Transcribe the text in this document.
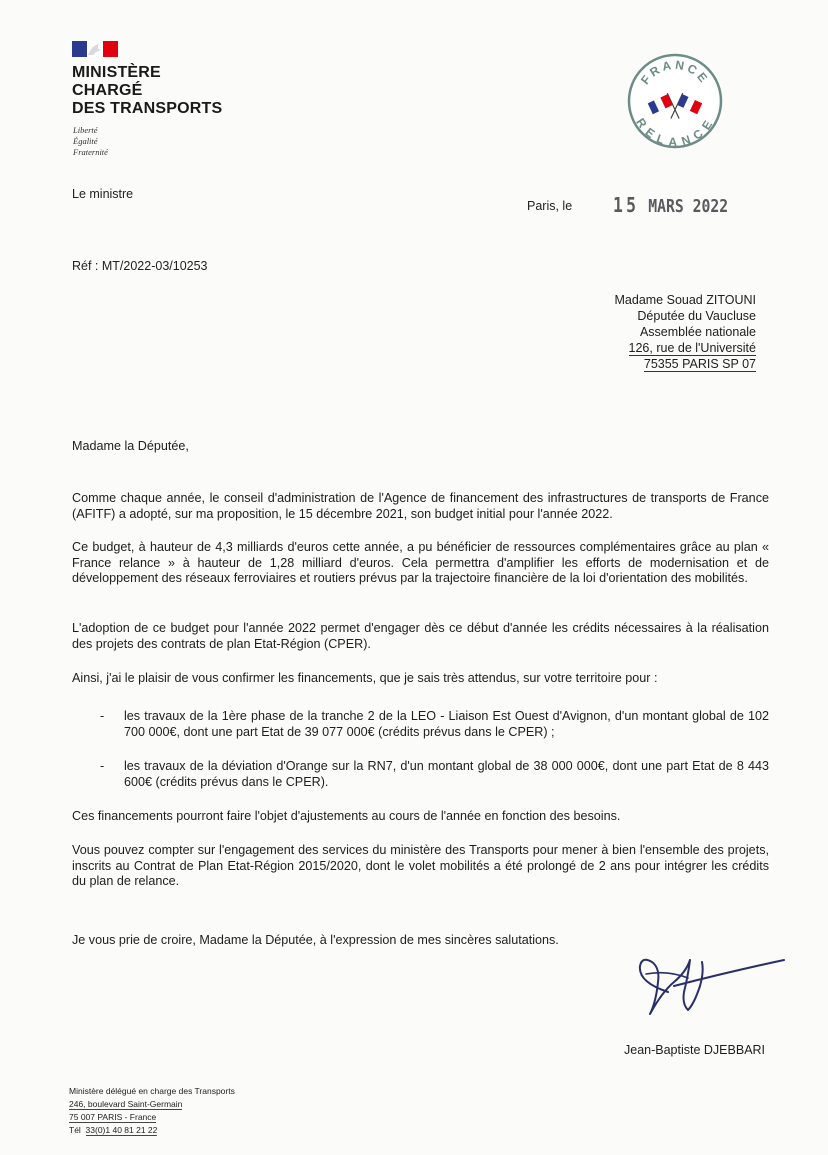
MINISTÈRE
CHARGÉ
DES TRANSPORTS
Liberté
Égalité
Fraternité
FRANCE
RELANCE
Le ministre
Paris, le 15 MARS 2022
Réf : MT/2022-03/10253
Madame Souad ZITOUNI
Députée du Vaucluse
Assemblée nationale
126, rue de l'Université
75355 PARIS SP 07
Madame la Députée,
Comme chaque année, le conseil d'administration de l'Agence de financement des infrastructures de transports de France (AFITF) a adopté, sur ma proposition, le 15 décembre 2021, son budget initial pour l'année 2022.
Ce budget, à hauteur de 4,3 milliards d'euros cette année, a pu bénéficier de ressources complémentaires grâce au plan « France relance » à hauteur de 1,28 milliard d'euros. Cela permettra d'amplifier les efforts de modernisation et de développement des réseaux ferroviaires et routiers prévus par la trajectoire financière de la loi d'orientation des mobilités.
L'adoption de ce budget pour l'année 2022 permet d'engager dès ce début d'année les crédits nécessaires à la réalisation des projets des contrats de plan Etat-Région (CPER).
Ainsi, j'ai le plaisir de vous confirmer les financements, que je sais très attendus, sur votre territoire pour :
- les travaux de la 1ère phase de la tranche 2 de la LEO - Liaison Est Ouest d'Avignon, d'un montant global de 102 700 000€, dont une part Etat de 39 077 000€ (crédits prévus dans le CPER) ;
- les travaux de la déviation d'Orange sur la RN7, d'un montant global de 38 000 000€, dont une part Etat de 8 443 600€ (crédits prévus dans le CPER).
Ces financements pourront faire l'objet d'ajustements au cours de l'année en fonction des besoins.
Vous pouvez compter sur l'engagement des services du ministère des Transports pour mener à bien l'ensemble des projets, inscrits au Contrat de Plan Etat-Région 2015/2020, dont le volet mobilités a été prolongé de 2 ans pour intégrer les crédits du plan de relance.
Je vous prie de croire, Madame la Députée, à l'expression de mes sincères salutations.
Jean-Baptiste DJEBBARI
Ministère délégué en charge des Transports
246, boulevard Saint-Germain
75 007 PARIS - France
Tél 33(0)1 40 81 21 22
